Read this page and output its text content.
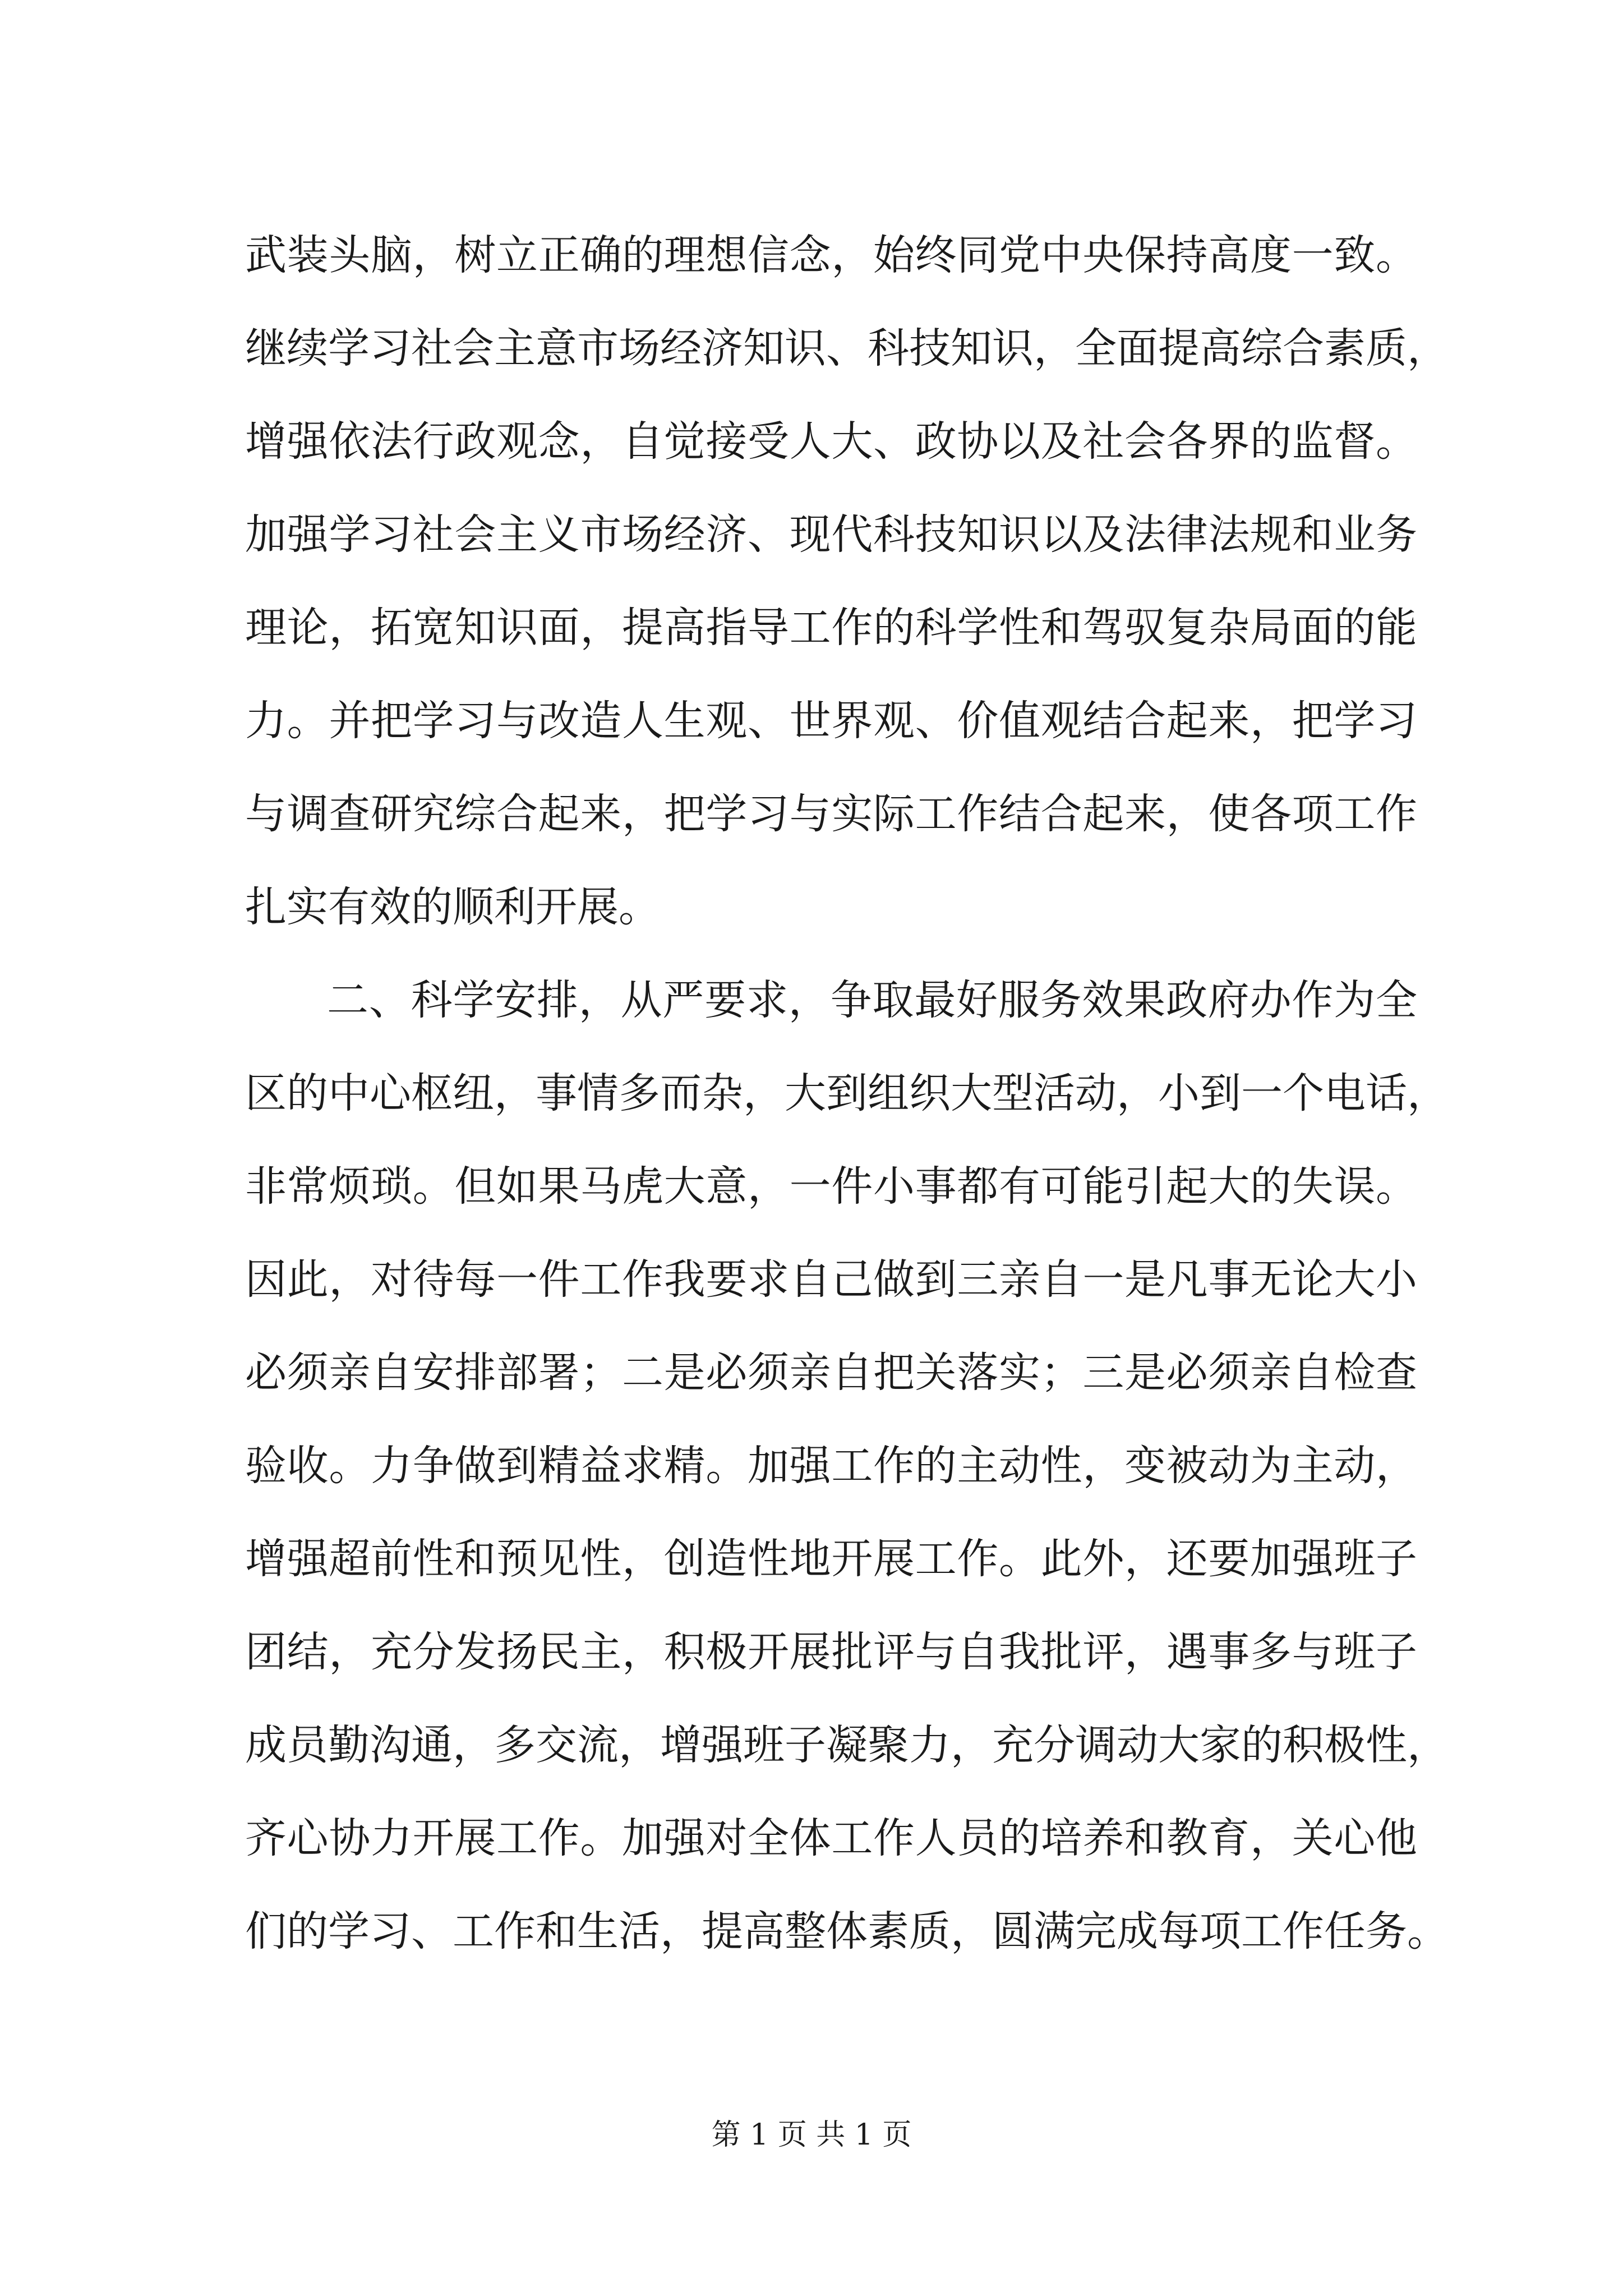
武装头脑，树立正确的理想信念，始终同党中央保持高度一致。
继续学习社会主意市场经济知识、科技知识，全面提高综合素质，
增强依法行政观念，自觉接受人大、政协以及社会各界的监督。
加强学习社会主义市场经济、现代科技知识以及法律法规和业务
理论，拓宽知识面，提高指导工作的科学性和驾驭复杂局面的能
力。并把学习与改造人生观、世界观、价值观结合起来，把学习
与调查研究综合起来，把学习与实际工作结合起来，使各项工作
扎实有效的顺利开展。
二、科学安排，从严要求，争取最好服务效果政府办作为全
区的中心枢纽，事情多而杂，大到组织大型活动，小到一个电话，
非常烦琐。但如果马虎大意，一件小事都有可能引起大的失误。
因此，对待每一件工作我要求自己做到三亲自一是凡事无论大小
必须亲自安排部署；二是必须亲自把关落实；三是必须亲自检查
验收。力争做到精益求精。加强工作的主动性，变被动为主动，
增强超前性和预见性，创造性地开展工作。此外，还要加强班子
团结，充分发扬民主，积极开展批评与自我批评，遇事多与班子
成员勤沟通，多交流，增强班子凝聚力，充分调动大家的积极性，
齐心协力开展工作。加强对全体工作人员的培养和教育，关心他
们的学习、工作和生活，提高整体素质，圆满完成每项工作任务。
第 1 页 共 1 页
